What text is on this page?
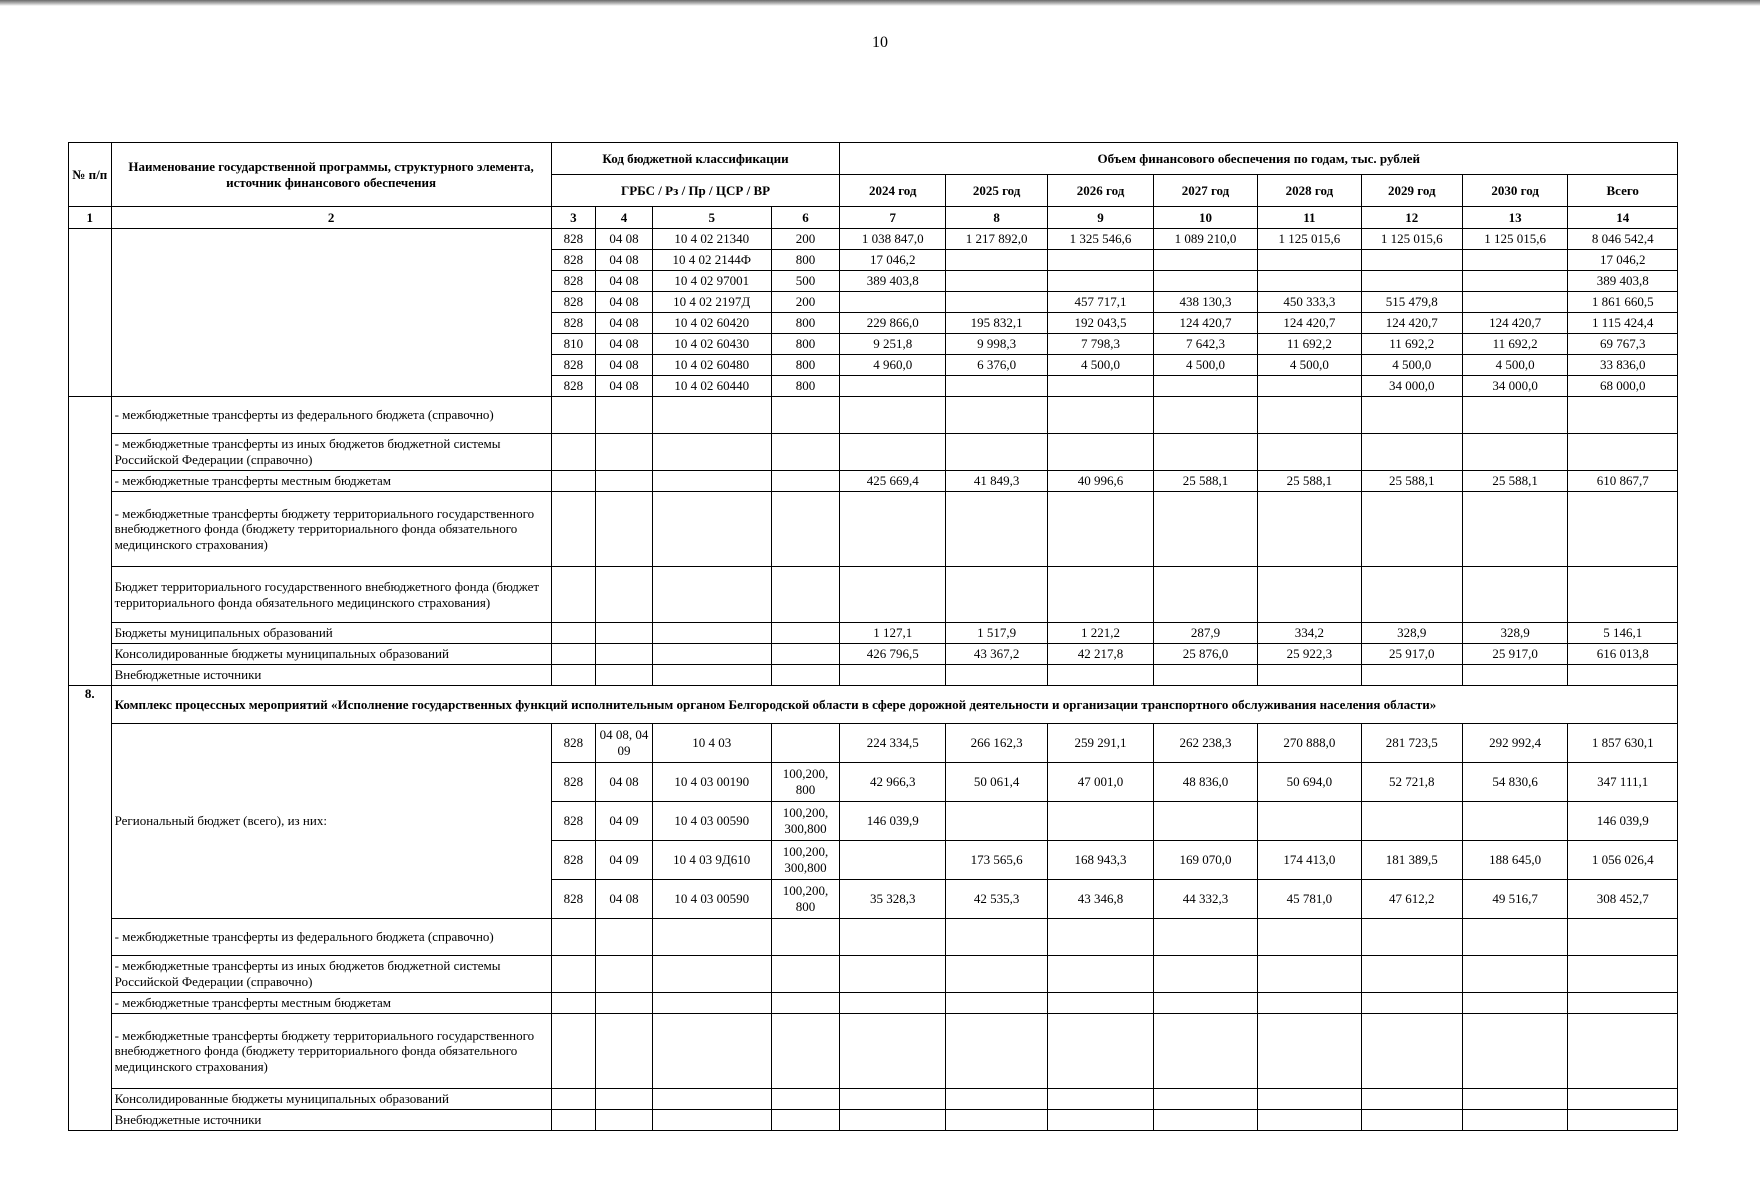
10
№ п/п	Наименование государственной программы, структурного элемента, источник финансового обеспечения	Код бюджетной классификации				Объем финансового обеспечения по годам, тыс. рублей							
		ГРБС / Рз / Пр / ЦСР / ВР				2024 год	2025 год	2026 год	2027 год	2028 год	2029 год	2030 год	Всего
1	2	3	4	5	6	7	8	9	10	11	12	13	14
		828	04 08	10 4 02 21340	200	1 038 847,0	1 217 892,0	1 325 546,6	1 089 210,0	1 125 015,6	1 125 015,6	1 125 015,6	8 046 542,4
		828	04 08	10 4 02 2144Ф	800	17 046,2							17 046,2
		828	04 08	10 4 02 97001	500	389 403,8							389 403,8
		828	04 08	10 4 02 2197Д	200			457 717,1	438 130,3	450 333,3	515 479,8		1 861 660,5
		828	04 08	10 4 02 60420	800	229 866,0	195 832,1	192 043,5	124 420,7	124 420,7	124 420,7	124 420,7	1 115 424,4
		810	04 08	10 4 02 60430	800	9 251,8	9 998,3	7 798,3	7 642,3	11 692,2	11 692,2	11 692,2	69 767,3
		828	04 08	10 4 02 60480	800	4 960,0	6 376,0	4 500,0	4 500,0	4 500,0	4 500,0	4 500,0	33 836,0
		828	04 08	10 4 02 60440	800						34 000,0	34 000,0	68 000,0
	- межбюджетные трансферты из федерального бюджета (справочно)												
	- межбюджетные трансферты из иных бюджетов бюджетной системы Российской Федерации (справочно)												
	- межбюджетные трансферты местным бюджетам					425 669,4	41 849,3	40 996,6	25 588,1	25 588,1	25 588,1	25 588,1	610 867,7
	- межбюджетные трансферты бюджету территориального государственного внебюджетного фонда (бюджету территориального фонда обязательного медицинского страхования)												
	Бюджет территориального государственного внебюджетного фонда (бюджет территориального фонда обязательного медицинского страхования)												
	Бюджеты муниципальных образований					1 127,1	1 517,9	1 221,2	287,9	334,2	328,9	328,9	5 146,1
	Консолидированные бюджеты муниципальных образований					426 796,5	43 367,2	42 217,8	25 876,0	25 922,3	25 917,0	25 917,0	616 013,8
	Внебюджетные источники												
8.	Комплекс процессных мероприятий «Исполнение государственных функций исполнительным органом Белгородской области в сфере дорожной деятельности и организации транспортного обслуживания населения области»												
	Региональный бюджет (всего), из них:	828	04 08, 04 09	10 4 03		224 334,5	266 162,3	259 291,1	262 238,3	270 888,0	281 723,5	292 992,4	1 857 630,1
		828	04 08	10 4 03 00190	100,200, 800	42 966,3	50 061,4	47 001,0	48 836,0	50 694,0	52 721,8	54 830,6	347 111,1
		828	04 09	10 4 03 00590	100,200, 300,800	146 039,9							146 039,9
		828	04 09	10 4 03 9Д610	100,200, 300,800		173 565,6	168 943,3	169 070,0	174 413,0	181 389,5	188 645,0	1 056 026,4
		828	04 08	10 4 03 00590	100,200, 800	35 328,3	42 535,3	43 346,8	44 332,3	45 781,0	47 612,2	49 516,7	308 452,7
	- межбюджетные трансферты из федерального бюджета (справочно)												
	- межбюджетные трансферты из иных бюджетов бюджетной системы Российской Федерации (справочно)												
	- межбюджетные трансферты местным бюджетам												
	- межбюджетные трансферты бюджету территориального государственного внебюджетного фонда (бюджету территориального фонда обязательного медицинского страхования)												
	Консолидированные бюджеты муниципальных образований												
	Внебюджетные источники												
